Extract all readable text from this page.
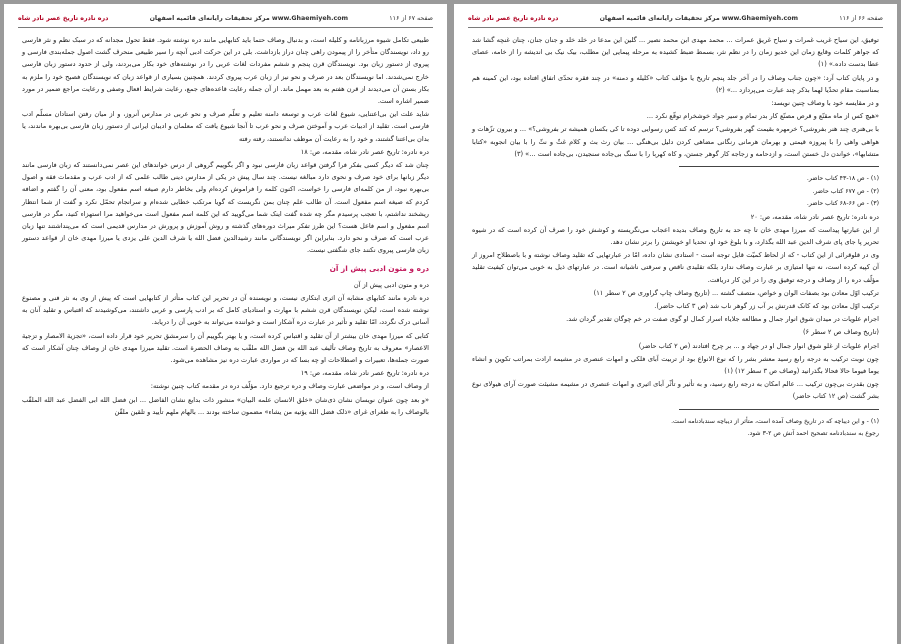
صفحه ۶۷ از ۱۱۶
مرکز تحقیقات رایانه‌ای قائمیه اصفهان www.Ghaemiyeh.com
دره نادره تاریخ عصر نادر شاه

طبیعی تکامل شیوه مرزبانامه و کلیله است، و بدنبال وصاف حتما باید کتابهایی مانند دره نوشته شود. فقط تحول مجدانه که در سبک نظم و نثر فارسی رو داد، نویسندگان متأخر را از پیمودن راهی چنان دراز بازداشت. بلی در این حرکت ادبی آنچه را سیر طبیعی منحرف گشت اصول جمله‌بندی فارسی و پیروی از دستور زبان بود. نویسندگان قرن پنجم و ششم مفردات لغات عربی را در نوشته‌های خود بکار می‌بردند، ولی از حدود دستور زبان فارسی خارج نمی‌شدند. اما نویسندگان بعد در صرف و نحو نیز از زبان عرب پیروی کردند. همچنین بسیاری از قواعد زبان که نویسندگان فصیح خود را ملزم به بکار بستن آن می‌دیدند از قرن هفتم به بعد مهمل ماند. از آن جمله رعایت قاعده‌های جمع، رعایت شرایط افعال وصفی و رعایت مراجع ضمیر در مورد ضمیر اشاره است.

شاید علت این بی‌اعتنایی، شیوع لغات عرب و توسعه دامنه تعلیم و تعلّم صرف و نحو عربی در مدارس آنروز، و از میان رفتن استادان مسلّم ادب فارسی است. تقلید از ادبیات عرب و آموختن صرف و نحو عرب تا آنجا شیوع یافت که معلمان و ادیبان ایرانی از دستور زبان فارسی بی‌بهره ماندند، یا بدان بی‌اعتنا گشتند، و خود را به رعایت آن موظف ندانستند، رفته رفته

دره نادره: تاریخ عصر نادر شاه، مقدمه، ص: ۱۸

چنان شد که دیگر کسی بفکر فرا گرفتن قواعد زبان فارسی نبود و اگر بگوییم گروهی از درس خواندهای این عصر نمی‌دانستند که زبان فارسی مانند دیگر زبانها برای خود صرف و نحوی دارد مبالغه نیست. چند سال پیش در یکی از مدارس دینی طالب علمی که از ادب عرب و مقدمات فقه و اصول بی‌بهره نبود، از من کلمه‌ای فارسی را خواست، اکنون کلمه را فراموش کرده‌ام ولی بخاطر دارم صیغه اسم مفعول بود، معنی آن را گفتم و اضافه کردم که صیغه اسم مفعول است. آن طالب علم چنان بمن نگریست که گویا مرتکب خطایی شده‌ام و سرانجام تحمّل نکرد و گفت از شما انتظار ریشخند نداشتم، با تعجب پرسیدم مگر چه شده گفت اینک شما می‌گویید که این کلمه اسم مفعول است می‌خواهید مرا استهزاء کنید، مگر در فارسی اسم مفعول و اسم فاعل هست؟ این طرز تفکر میراث دوره‌های گذشته و روش آموزش و پرورش در مدارس قدیمی است که می‌پنداشتند تنها زبان عرب است که صرف و نحو دارد. بنابراین اگر نویسندگانی مانند رشیدالدین فضل الله یا شرف الدین علی یزدی یا میرزا مهدی خان از قواعد دستور زبان فارسی پیروی نکنند جای شگفتی نیست.

دره و متون ادبی پیش از آن

دره و متون ادبی پیش از آن

دره نادره مانند کتابهای مشابه آن اثری ابتکاری نیست، و نویسنده آن در تحریر این کتاب متأثر از کتابهایی است که پیش از وی به نثر فنی و مصنوع نوشته شده است، لیکن نویسندگان قرن ششم با مهارت و استادیای کامل که بر ادب پارسی و عربی داشتند، می‌کوشیدند که اقتباس و تقلید آنان به آسانی درک نگردد، امّا تقلید و تأثیر در عبارت دره آشکار است و خواننده می‌تواند به خوبی آن را دریابد.

کتابی که میرزا مهدی خان بیشتر از آن تقلید و اقتباس کرده است، و یا بهتر بگوییم آن را سرمشق تحریر خود قرار داده است، «تجزیة الامصار و تزجیة الاعصار» معروف به تاریخ وصاف تألیف عبد الله بن فضل الله ملقّب به وصاف الحضرة است. تقلید میرزا مهدی خان از وصاف چنان آشکار است که صورت جمله‌ها، تعبیرات و اصطلاحات او چه بسا که در مواردی عبارت دره نیز مشاهده می‌شود.

دره نادره: تاریخ عصر نادر شاه، مقدمه، ص: ۱۹

از وصاف است، و در مواضعی عبارت وصاف و دره ترجیع دارد. مؤلّف دره در مقدمه کتاب چنین نوشته:

«و بعد چون عنوان نویسان نشان ذی‌شان «خلق الانسان علمه البیان» منشور ذات بدایع نشان الفاضل ... ابن فضل الله ابی الفضل عبد الله الملقّب بالوصاف را به طغرای غرای «ذلک فضل الله یؤتیه من یشاء» مضمون ساخته بودند ... بالهام ملهم تأیید و تلقین ملقّن

صفحه ۶۶ از ۱۱۶
مرکز تحقیقات رایانه‌ای قائمیه اصفهان www.Ghaemiyeh.com
دره نادره تاریخ عصر نادر شاه

توفیق، این سیاح غریب غمرات و سیاح غریق عمرات ... محمد مهدی ابن محمد نصیر ... گلین این مدعا در خلد خلد و جنان جنان، چنان غنچه گشا شد که جواهر کلمات وقایع زمان این خدیو زمان را در نظم نثر، بسمط ضبط کشیده به مرحله پیمایی این مطلب، بیک نیک بی اندیشه را از خامه، عصای عطا بدست داده.» (۱)

و در پایان کتاب آرد: «چون جناب وصاف را در آخر جلد پنجم تاریخ یا مؤلف کتاب «کلیله و دمنه» در چند فقره تحدّی اتفاق افتاده بود، این کمینه هم بمناسبت مقام تحدّیا لهما بذکر چند عبارت می‌پردازد ...» (۲)

و در مقایسه خود با وصاف چنین نویسد:

«هیچ کس از ماه مقنّع و قرص مصنّع کار بدر تمام و سیر جواد خوشخرام توقّع نکرد ...

با بی‌هنری چند هنر بفروشی؟ خرمهره بقیمت گهر بفروشی؟ ترسم که کند کس رسوایی دوده تا کی بکسان همیشه تر بفروشی؟» ... و بیرون تزّهات و هواهی واهی را با پیروزه قیمتی و بهرمان هرمانی رنگانی مضاهی کردن دلیل بی‌هنگی ... بیان رث بث و کلام غثّ و نثّ را با بیان انجوبه «کتابا متشابها»، خواندن دل خستن است، و ازدحامه و زجاجه کار گوهر جستن، و کاه کهربا را با سنگ بی‌جاده سنجیدن، بی‌جاده است ...» (۳)

(۱) - ص ۱۸-۴۳ کتاب حاضر.

(۲) - ص ۶۷۷ کتاب حاضر.

(۳) - ص ۶۶-۶۸ کتاب حاضر.

دره نادره: تاریخ عصر نادر شاه، مقدمه، ص: ۲۰

از این عبارتها پیداست که میرزا مهدی خان تا چه حد به تاریخ وصاف بدیده اعجاب می‌نگریسته و کوشش خود را صرف آن کرده است که در شیوه تحریر پا جای پای شرف الدین عبد الله بگذارد، و با بلوغ خود او، تحدیا او خویشتن را برتر نشان دهد.

وی در قلوقرائی از این کتاب - که از لحاظ کمیّت قابل توجه است - استادی نشان داده، امّا در عبارتهایی که تقلید وصاف نوشته و با باصطلاح امروز از آن کپیه کرده است، نه تنها امتیازی بر عبارت وصاف ندارد بلکه تقلیدی ناقص و سرقتی ناشیانه است. در عبارتهای ذیل به خوبی می‌توان کیفیت تقلید مؤلّف دره را از وصاف و درجه توفیق وی را در این کار دریافت.

ترکیب اوّل معادن بود بصفات الوان و خواص، متصف گشته ... (تاریخ وصاف چاپ گراوری ص ۲ سطر ۱۱)

ترکیب اوّل معادن بود که کانک قدرتش بر آب زر گوهر ناب شد (ص ۳ کتاب حاضر).

اجرام علویات در میدان شوق انوار جمال و مطالعه جلایاء اسرار کمال او گوی صفت در خم چوگان تقدیر گردان شد.

(تاریخ وصاف ص ۲ سطر ۶)

اجرام علویات از غلو شوق انوار جمال او در جهاد و ... بر چرخ افتادند (ص ۲ کتاب حاضر)

چون نوبت ترکیب به درجه رابع رسید معشر بشر را که نوع الانواع بود از تربیت آبای فلکی و امهات عنصری در مشیمه ارادت بمراتب تکوین و انشاء یوما فیوما حالا فحالا بگذرانید (وصاف ص ۳ سطر ۱۲) (۱)

چون بقدرت بی‌چون ترکیب ... عالم امکان به درجه رابع رسید، و به تأثیر و تأثّر آبای اثیری و امهات عنصری در مشیمه مشیئت صورت آرای هیولای نوع بشر گشت (ص ۱۲ کتاب حاضر)

(۱) - و این دیباچه که در تاریخ وصاف آمده است، متأثر از دیباچه سندبادنامه است.

رجوع به سندبادنامه تصحیح احمد آتش ص ۲-۳ شود.
